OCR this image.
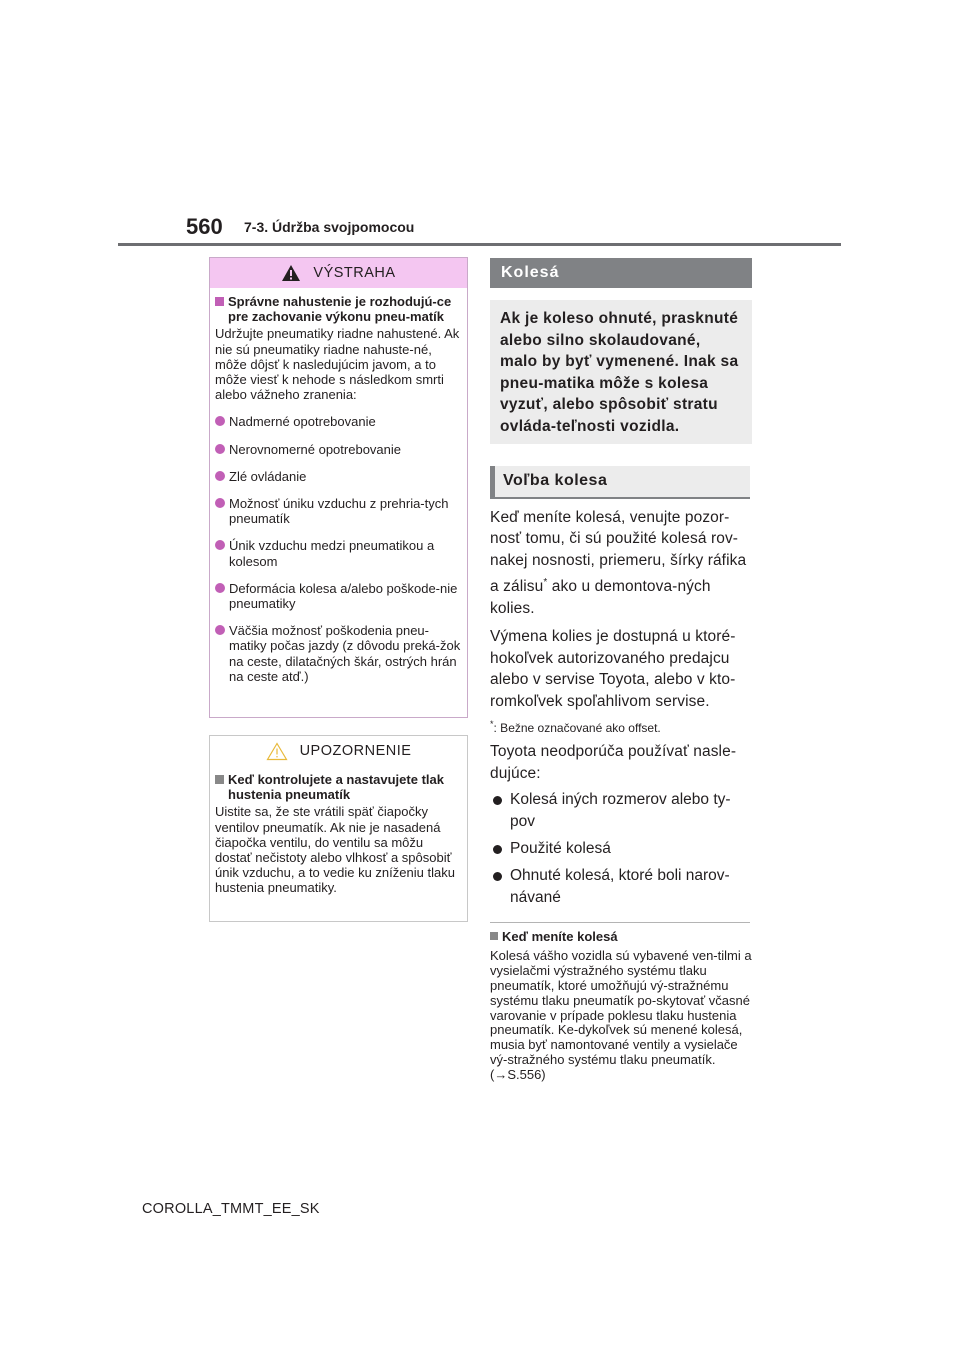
560 7-3. Údržba svojpomocou
VÝSTRAHA
Správne nahustenie je rozhodujú-ce pre zachovanie výkonu pneu-matík
Udržujte pneumatiky riadne nahustené. Ak nie sú pneumatiky riadne nahuste-né, môže dôjsť k nasledujúcim javom, a to môže viesť k nehode s následkom smrti alebo vážneho zranenia:
Nadmerné opotrebovanie
Nerovnomerné opotrebovanie
Zlé ovládanie
Možnosť úniku vzduchu z prehria-tych pneumatík
Únik vzduchu medzi pneumatikou a kolesom
Deformácia kolesa a/alebo poškode-nie pneumatiky
Väčšia možnosť poškodenia pneu-matiky počas jazdy (z dôvodu preká-žok na ceste, dilatačných škár, ostrých hrán na ceste atď.)
UPOZORNENIE
Keď kontrolujete a nastavujete tlak hustenia pneumatík
Uistite sa, že ste vrátili späť čiapočky ventilov pneumatík. Ak nie je nasadená čiapočka ventilu, do ventilu sa môžu dostať nečistoty alebo vlhkosť a spôsobiť únik vzduchu, a to vedie ku zníženiu tlaku hustenia pneumatiky.
Kolesá
Ak je koleso ohnuté, prasknuté alebo silno skolaudované, malo by byť vymenené. Inak sa pneu-matika môže s kolesa vyzuť, alebo spôsobiť stratu ovláda-teľnosti vozidla.
Voľba kolesa

Keď meníte kolesá, venujte pozor-nosť tomu, či sú použité kolesá rov-nakej nosnosti, priemeru, šírky ráfika a zálisu* ako u demontova-ných kolies.

Výmena kolies je dostupná u ktoré-hokoľvek autorizovaného predajcu alebo v servise Toyota, alebo v kto-romkoľvek spoľahlivom servise.

*: Bežne označované ako offset.

Toyota neodporúča používať nasle-dujúce:

Kolesá iných rozmerov alebo ty-pov
Použité kolesá
Ohnuté kolesá, ktoré boli narov-návané
Keď meníte kolesá
Kolesá vášho vozidla sú vybavené ven-tilmi a vysielačmi výstražného systému tlaku pneumatík, ktoré umožňujú vý-stražnému systému tlaku pneumatík po-skytovať včasné varovanie v prípade poklesu tlaku hustenia pneumatík. Ke-dykoľvek sú menené kolesá, musia byť namontované ventily a vysielače vý-stražného systému tlaku pneumatík. (→S.556)
COROLLA_TMMT_EE_SK
